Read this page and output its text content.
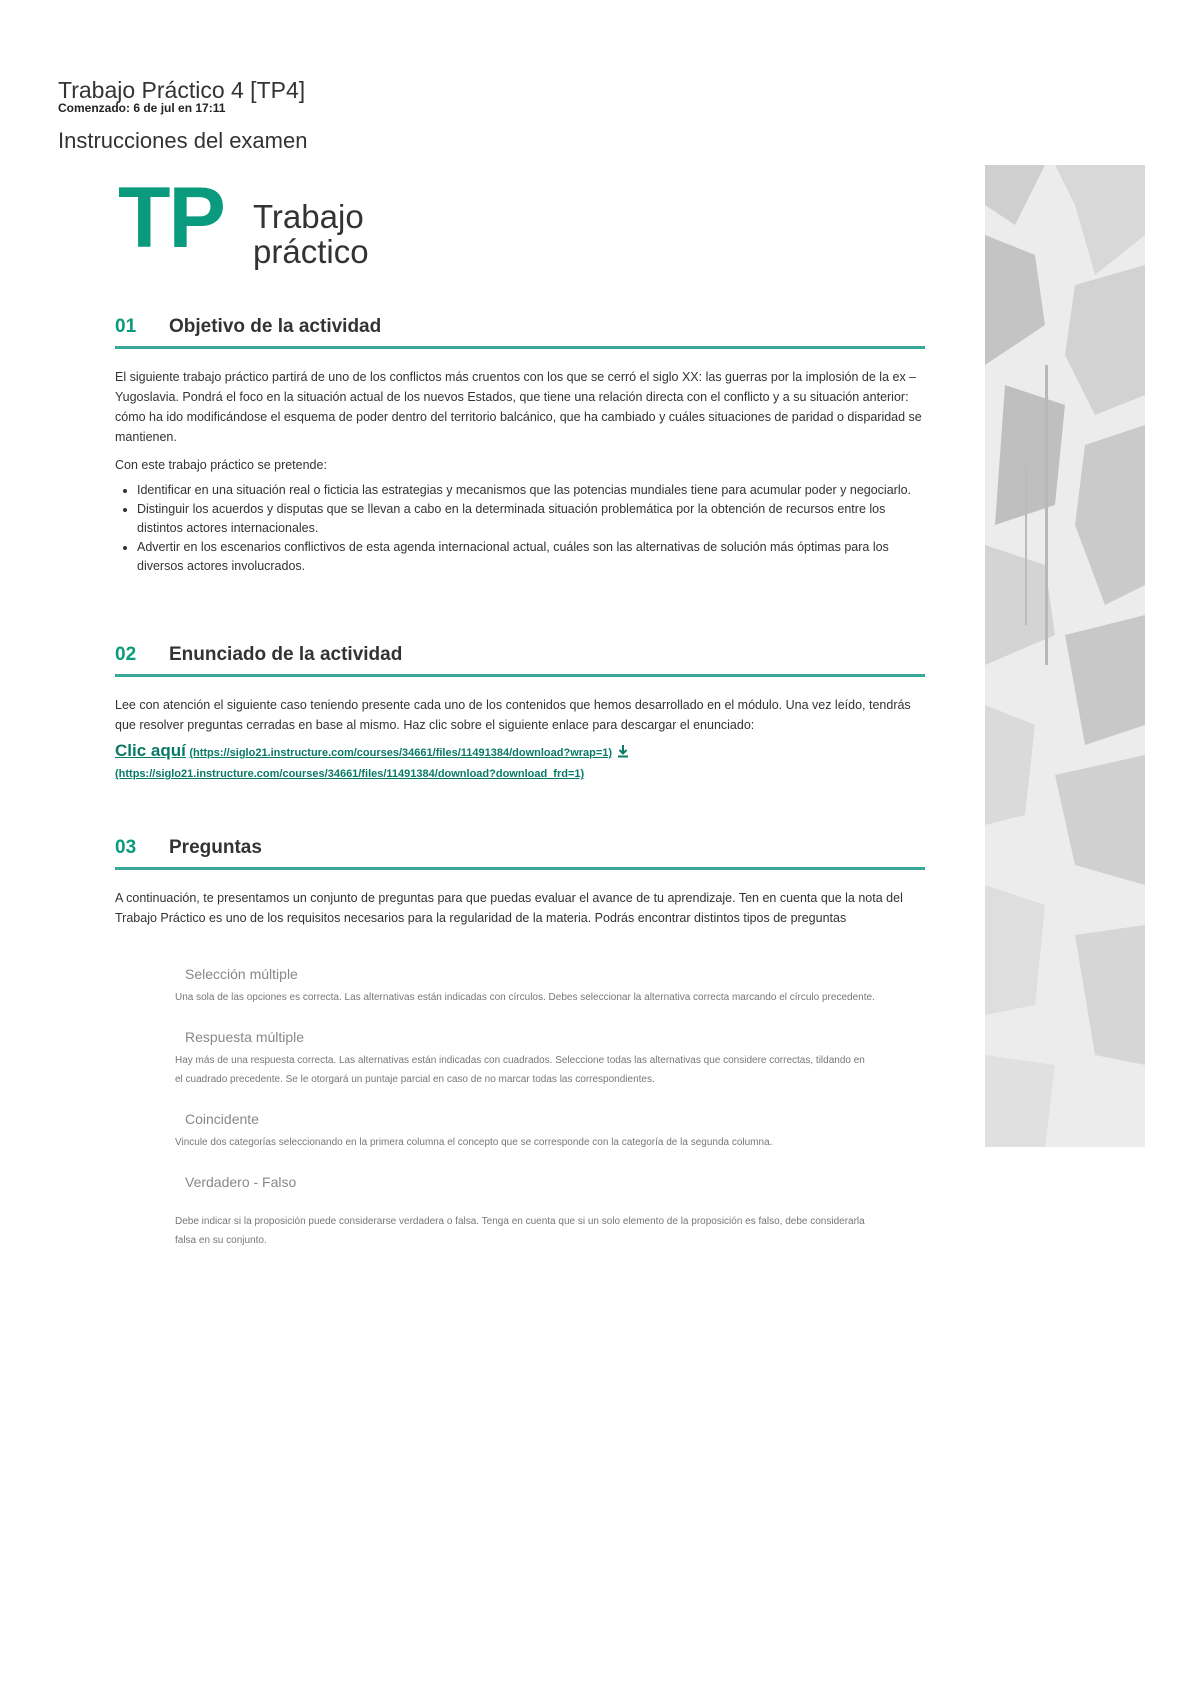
Trabajo Práctico 4 [TP4]
Comenzado: 6 de jul en 17:11
Instrucciones del examen
TP Trabajo
práctico
01 Objetivo de la actividad

El siguiente trabajo práctico partirá de uno de los conflictos más cruentos con los que se cerró el siglo XX: las guerras por la implosión de la ex – Yugoslavia. Pondrá el foco en la situación actual de los nuevos Estados, que tiene una relación directa con el conflicto y a su situación anterior: cómo ha ido modificándose el esquema de poder dentro del territorio balcánico, que ha cambiado y cuáles situaciones de paridad o disparidad se mantienen.

Con este trabajo práctico se pretende:

• Identificar en una situación real o ficticia las estrategias y mecanismos que las potencias mundiales tiene para acumular poder y negociarlo.
• Distinguir los acuerdos y disputas que se llevan a cabo en la determinada situación problemática por la obtención de recursos entre los distintos actores internacionales.
• Advertir en los escenarios conflictivos de esta agenda internacional actual, cuáles son las alternativas de solución más óptimas para los diversos actores involucrados.
02 Enunciado de la actividad

Lee con atención el siguiente caso teniendo presente cada uno de los contenidos que hemos desarrollado en el módulo. Una vez leído, tendrás que resolver preguntas cerradas en base al mismo. Haz clic sobre el siguiente enlace para descargar el enunciado:

Clic aquí (https://siglo21.instructure.com/courses/34661/files/11491384/download?wrap=1)
(https://siglo21.instructure.com/courses/34661/files/11491384/download?download_frd=1)
03 Preguntas

A continuación, te presentamos un conjunto de preguntas para que puedas evaluar el avance de tu aprendizaje. Ten en cuenta que la nota del Trabajo Práctico es uno de los requisitos necesarios para la regularidad de la materia. Podrás encontrar distintos tipos de preguntas

Selección múltiple
Una sola de las opciones es correcta. Las alternativas están indicadas con círculos. Debes seleccionar la alternativa correcta marcando el círculo precedente.
Respuesta múltiple
Hay más de una respuesta correcta. Las alternativas están indicadas con cuadrados. Seleccione todas las alternativas que considere correctas, tildando en el cuadrado precedente. Se le otorgará un puntaje parcial en caso de no marcar todas las correspondientes.
Coincidente
Vincule dos categorías seleccionando en la primera columna el concepto que se corresponde con la categoría de la segunda columna.
Verdadero - Falso
Debe indicar si la proposición puede considerarse verdadera o falsa. Tenga en cuenta que si un solo elemento de la proposición es falso, debe considerarla falsa en su conjunto.
